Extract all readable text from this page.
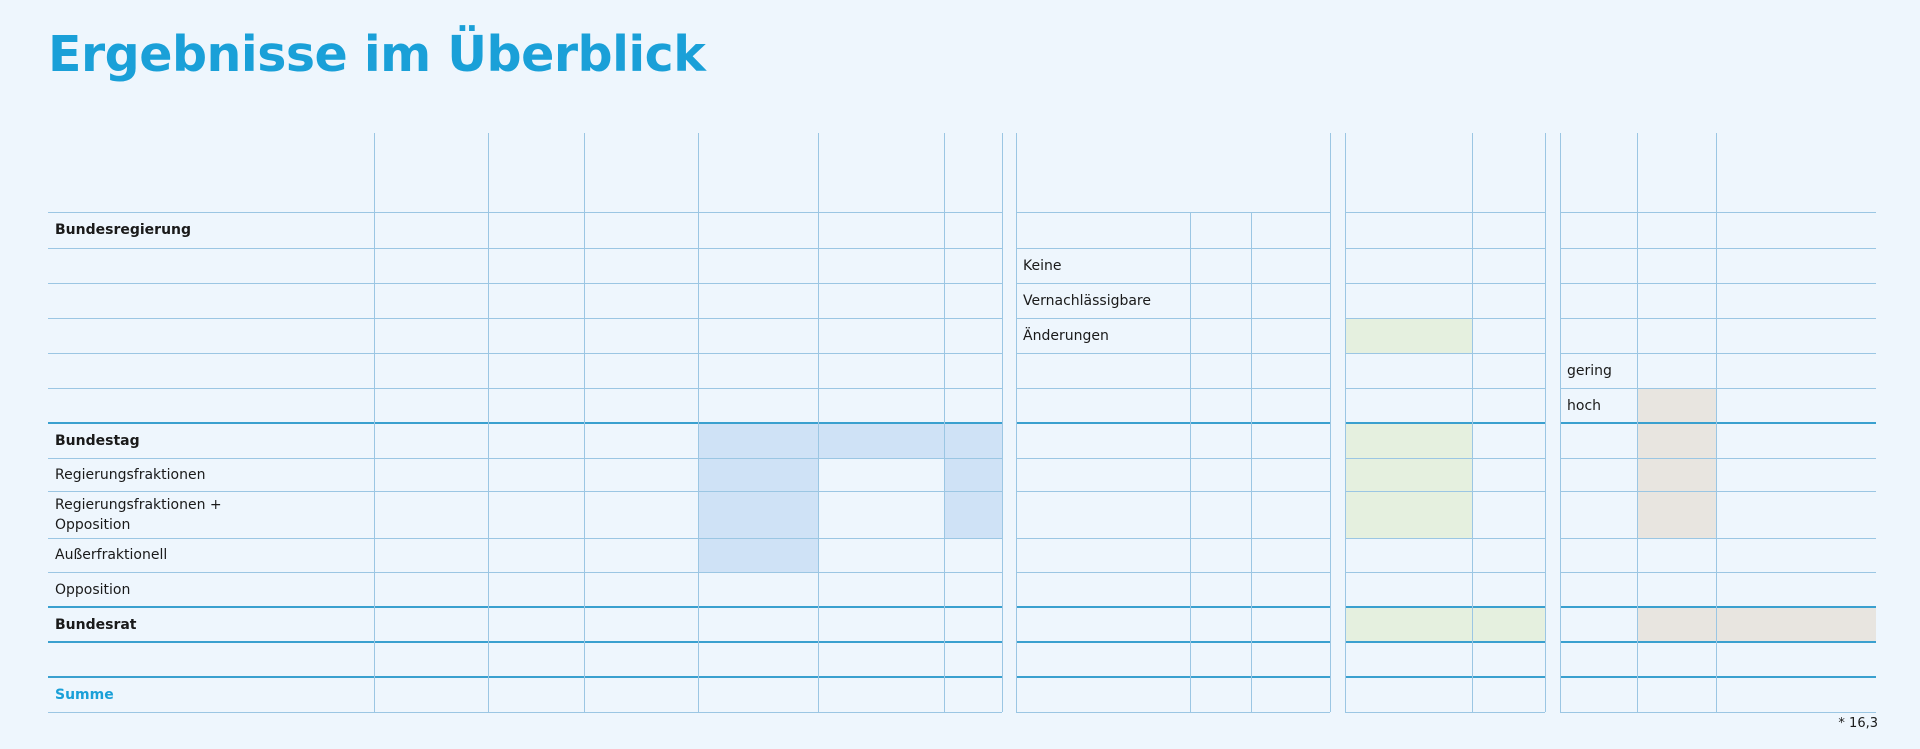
Ergebnisse im Überblick
Bundesregierung
Keine
Vernachlässigbare
Änderungen
gering
hoch
Bundestag
Regierungsfraktionen
Regierungsfraktionen +
Opposition
Außerfraktionell
Opposition
Bundesrat
Summe
* 16,3
